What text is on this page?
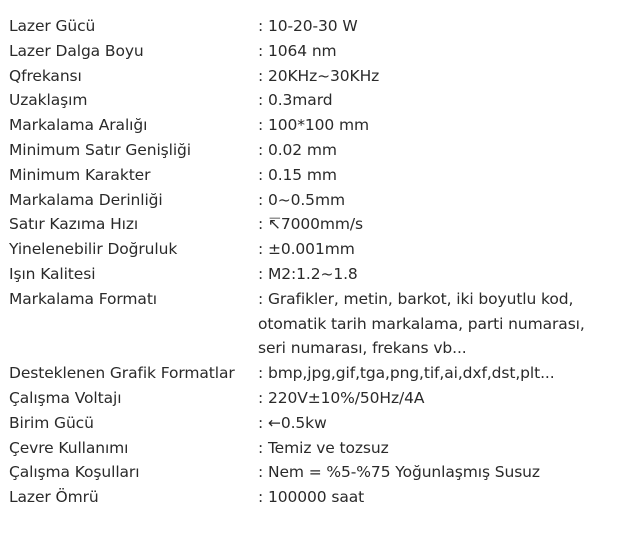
Lazer Gücü	: 10-20-30 W
Lazer Dalga Boyu	: 1064 nm
Qfrekansı	: 20KHz~30KHz
Uzaklaşım	: 0.3mard
Markalama Aralığı	: 100*100 mm
Minimum Satır Genişliği	: 0.02 mm
Minimum Karakter	: 0.15 mm
Markalama Derinliği	: 0~0.5mm
Satır Kazıma Hızı	: ↸7000mm/s
Yinelenebilir Doğruluk	: ±0.001mm
Işın Kalitesi	: M2:1.2~1.8
Markalama Formatı	: Grafikler, metin, barkot, iki boyutlu kod,
otomatik tarih markalama, parti numarası,
seri numarası, frekans vb...
Desteklenen Grafik Formatlar	: bmp,jpg,gif,tga,png,tif,ai,dxf,dst,plt...
Çalışma Voltajı	: 220V±10%/50Hz/4A
Birim Gücü	: ←0.5kw
Çevre Kullanımı	: Temiz ve tozsuz
Çalışma Koşulları	: Nem = %5-%75 Yoğunlaşmış Susuz
Lazer Ömrü	: 100000 saat
